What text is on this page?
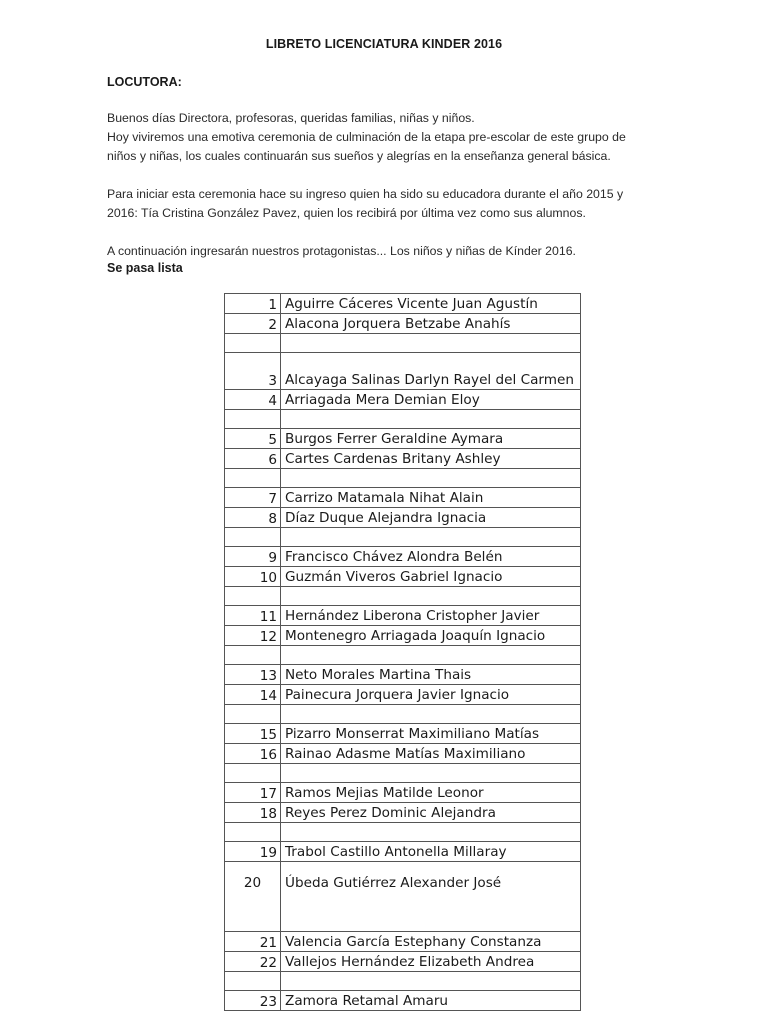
LIBRETO LICENCIATURA KINDER 2016
LOCUTORA:
Buenos días Directora, profesoras, queridas familias, niñas y niños.
Hoy viviremos una emotiva ceremonia de culminación de la etapa pre-escolar de este grupo de
niños y niñas, los cuales continuarán sus sueños y alegrías en la enseñanza general básica.
Para iniciar esta ceremonia hace su ingreso quien ha sido su educadora durante el año 2015 y
2016: Tía Cristina González Pavez, quien los recibirá por última vez como sus alumnos.
A continuación ingresarán nuestros protagonistas... Los niños y niñas de Kínder 2016.
Se pasa lista
1	Aguirre Cáceres Vicente Juan Agustín
2	Alacona Jorquera Betzabe Anahís

3	Alcayaga Salinas Darlyn Rayel del Carmen
4	Arriagada Mera Demian Eloy

5	Burgos Ferrer Geraldine Aymara
6	Cartes Cardenas Britany Ashley

7	Carrizo Matamala Nihat Alain
8	Díaz Duque Alejandra Ignacia

9	Francisco Chávez Alondra Belén
10	Guzmán Viveros Gabriel Ignacio

11	Hernández Liberona Cristopher Javier
12	Montenegro Arriagada Joaquín Ignacio

13	Neto Morales Martina Thais
14	Painecura Jorquera Javier Ignacio

15	Pizarro Monserrat Maximiliano Matías
16	Rainao Adasme Matías Maximiliano

17	Ramos Mejias Matilde Leonor
18	Reyes Perez Dominic Alejandra

19	Trabol Castillo Antonella Millaray
20	Úbeda Gutiérrez Alexander José
21	Valencia García Estephany Constanza
22	Vallejos Hernández Elizabeth Andrea

23	Zamora Retamal Amaru
